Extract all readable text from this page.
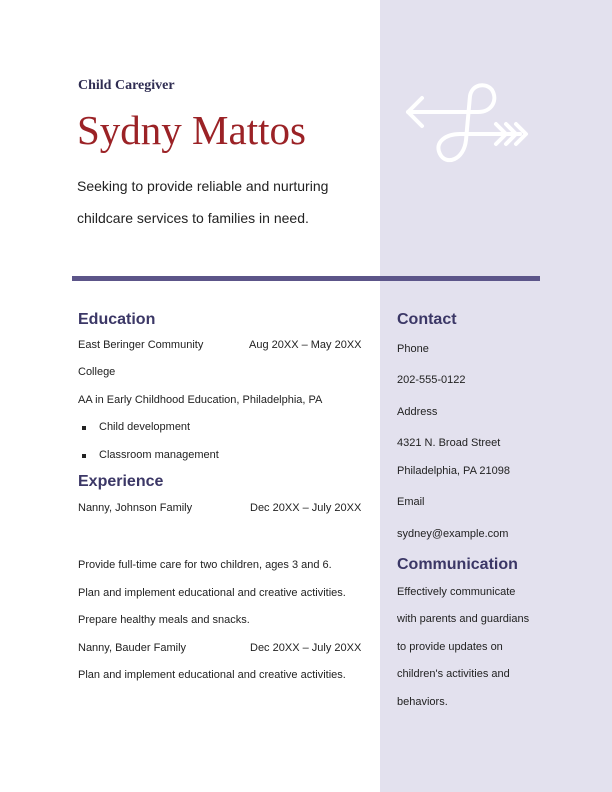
Child Caregiver
Sydny Mattos
Seeking to provide reliable and nurturing childcare services to families in need.
Education
East Beringer Community	Aug 20XX – May 20XX
College
AA in Early Childhood Education, Philadelphia, PA
Child development
Classroom management
Experience
Nanny, Johnson Family	Dec 20XX – July 20XX
Provide full-time care for two children, ages 3 and 6.
Plan and implement educational and creative activities.
Prepare healthy meals and snacks.
Nanny, Bauder Family	Dec 20XX – July 20XX
Plan and implement educational and creative activities.
Contact
Phone
202-555-0122
Address
4321 N. Broad Street
Philadelphia, PA 21098
Email
sydney@example.com
Communication
Effectively communicate
with parents and guardians
to provide updates on
children's activities and
behaviors.
